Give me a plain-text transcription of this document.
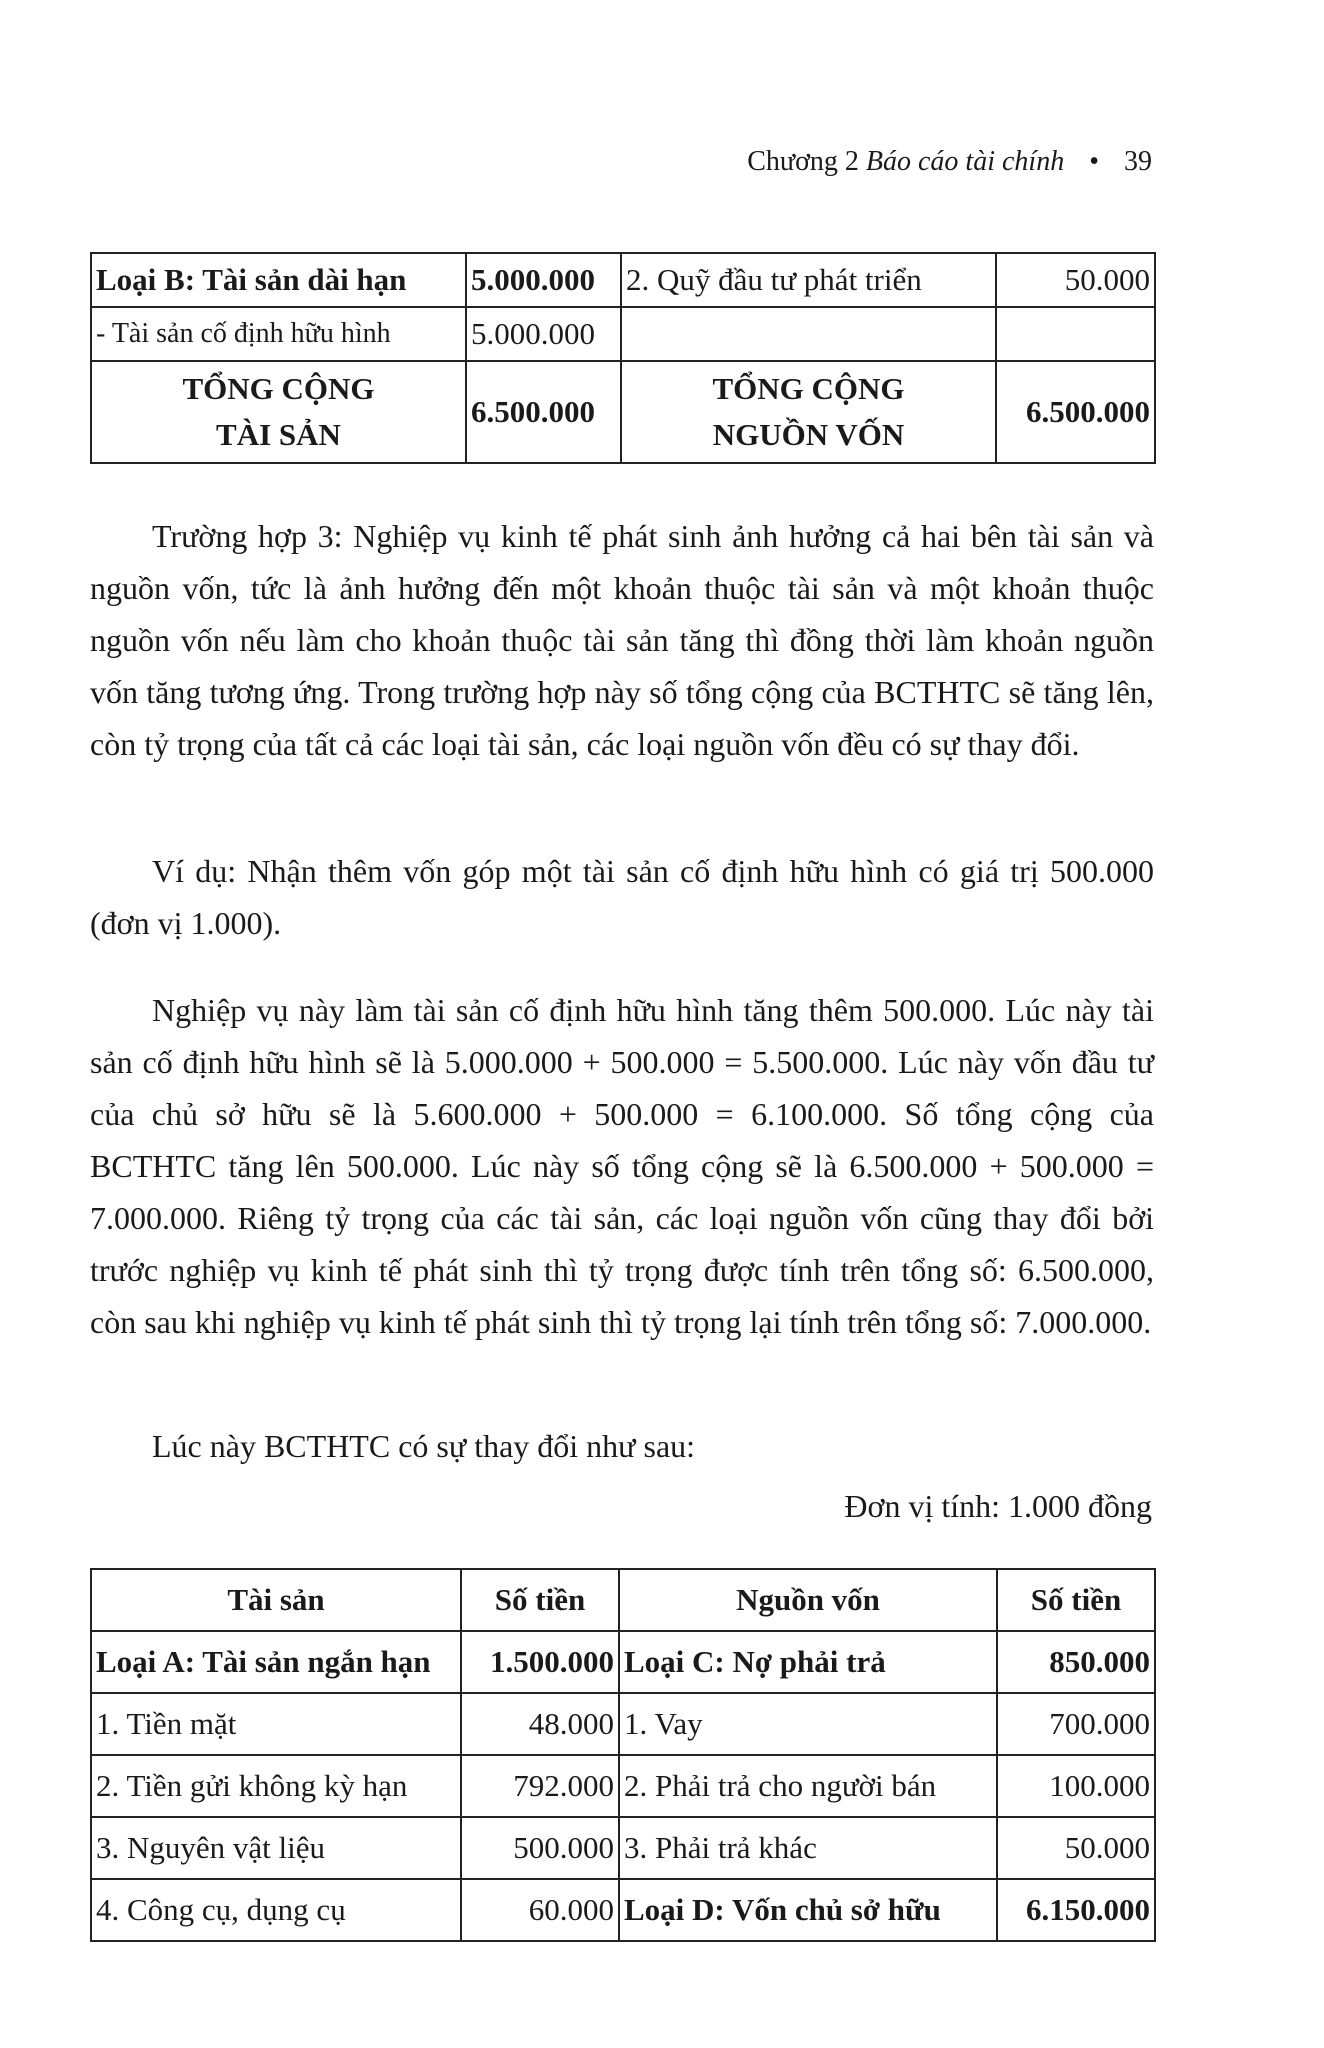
Chương 2 Báo cáo tài chính • 39
Loại B: Tài sản dài hạn	5.000.000	2. Quỹ đầu tư phát triển	50.000
- Tài sản cố định hữu hình	5.000.000		
TỔNG CỘNG TÀI SẢN	6.500.000	TỔNG CỘNG NGUỒN VỐN	6.500.000

Trường hợp 3: Nghiệp vụ kinh tế phát sinh ảnh hưởng cả hai bên tài sản và nguồn vốn, tức là ảnh hưởng đến một khoản thuộc tài sản và một khoản thuộc nguồn vốn nếu làm cho khoản thuộc tài sản tăng thì đồng thời làm khoản nguồn vốn tăng tương ứng. Trong trường hợp này số tổng cộng của BCTHTC sẽ tăng lên, còn tỷ trọng của tất cả các loại tài sản, các loại nguồn vốn đều có sự thay đổi.

Ví dụ: Nhận thêm vốn góp một tài sản cố định hữu hình có giá trị 500.000 (đơn vị 1.000).

Nghiệp vụ này làm tài sản cố định hữu hình tăng thêm 500.000. Lúc này tài sản cố định hữu hình sẽ là 5.000.000 + 500.000 = 5.500.000. Lúc này vốn đầu tư của chủ sở hữu sẽ là 5.600.000 + 500.000 = 6.100.000. Số tổng cộng của BCTHTC tăng lên 500.000. Lúc này số tổng cộng sẽ là 6.500.000 + 500.000 = 7.000.000. Riêng tỷ trọng của các tài sản, các loại nguồn vốn cũng thay đổi bởi trước nghiệp vụ kinh tế phát sinh thì tỷ trọng được tính trên tổng số: 6.500.000, còn sau khi nghiệp vụ kinh tế phát sinh thì tỷ trọng lại tính trên tổng số: 7.000.000.

Lúc này BCTHTC có sự thay đổi như sau:

Đơn vị tính: 1.000 đồng
Tài sản	Số tiền	Nguồn vốn	Số tiền
Loại A: Tài sản ngắn hạn	1.500.000	Loại C: Nợ phải trả	850.000
1. Tiền mặt	48.000	1. Vay	700.000
2. Tiền gửi không kỳ hạn	792.000	2. Phải trả cho người bán	100.000
3. Nguyên vật liệu	500.000	3. Phải trả khác	50.000
4. Công cụ, dụng cụ	60.000	Loại D: Vốn chủ sở hữu	6.150.000
